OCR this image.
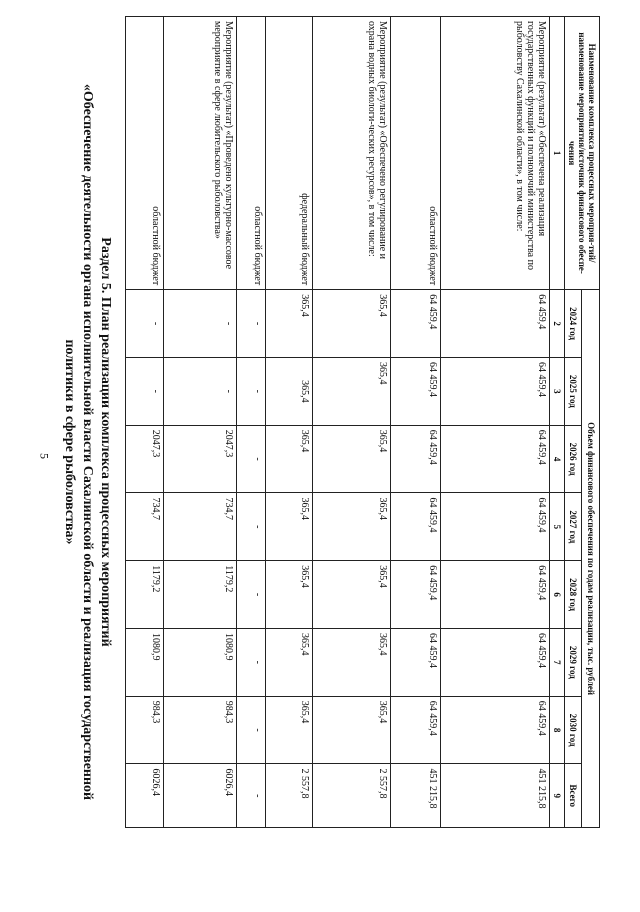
5
Наименование комплекса процессных мероприя-тий/наименование мероприятия/источник финансового обеспе-чения	Объем финансового обеспечения по годам реализации, тыс. рублей							
	2024 год	2025 год	2026 год	2027 год	2028 год	2029 год	2030 год	Всего
1	2	3	4	5	6	7	8	9
Мероприятие (результат) «Обеспечена реализация государственных функций и полномочий министерства по рыболовству Сахалинской области», в том числе:	64 459,4	64 459,4	64 459,4	64 459,4	64 459,4	64 459,4	64 459,4	451 215,8
областной бюджет	64 459,4	64 459,4	64 459,4	64 459,4	64 459,4	64 459,4	64 459,4	451 215,8
Мероприятие (результат) «Обеспечено регулирование и охрана водных биологи-ческих ресурсов», в том числе:	365,4	365,4	365,4	365,4	365,4	365,4	365,4	2 557,8
федеральный бюджет	365,4	365,4	365,4	365,4	365,4	365,4	365,4	2 557,8
областной бюджет	-	-	-	-	-	-	-	-
Мероприятие (результат) «Проведено культурно-массовое мероприятие в сфере любительского рыболовства»	-	-	2047,3	734,7	1179,2	1080,9	984,3	6026,4
областной бюджет	-	-	2047,3	734,7	1179,2	1080,9	984,3	6026,4
Раздел 5. План реализации комплекса процессных мероприятий
«Обеспечение деятельности органа исполнительной власти Сахалинской области и реализация государственной
политики в сфере рыболовства»
